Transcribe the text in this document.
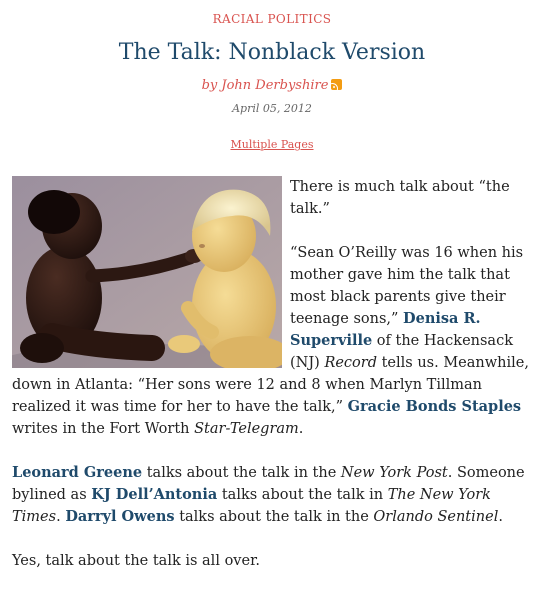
RACIAL POLITICS
The Talk: Nonblack Version
by John Derbyshire
April 05, 2012
Multiple Pages

There is much talk about “the talk.”

“Sean O’Reilly was 16 when his mother gave him the talk that most black parents give their teenage sons,” Denisa R. Superville of the Hackensack (NJ) Record tells us. Meanwhile, down in Atlanta: “Her sons were 12 and 8 when Marlyn Tillman realized it was time for her to have the talk,” Gracie Bonds Staples writes in the Fort Worth Star-Telegram.

Leonard Greene talks about the talk in the New York Post. Someone bylined as KJ Dell’Antonia talks about the talk in The New York Times. Darryl Owens talks about the talk in the Orlando Sentinel.

Yes, talk about the talk is all over.
